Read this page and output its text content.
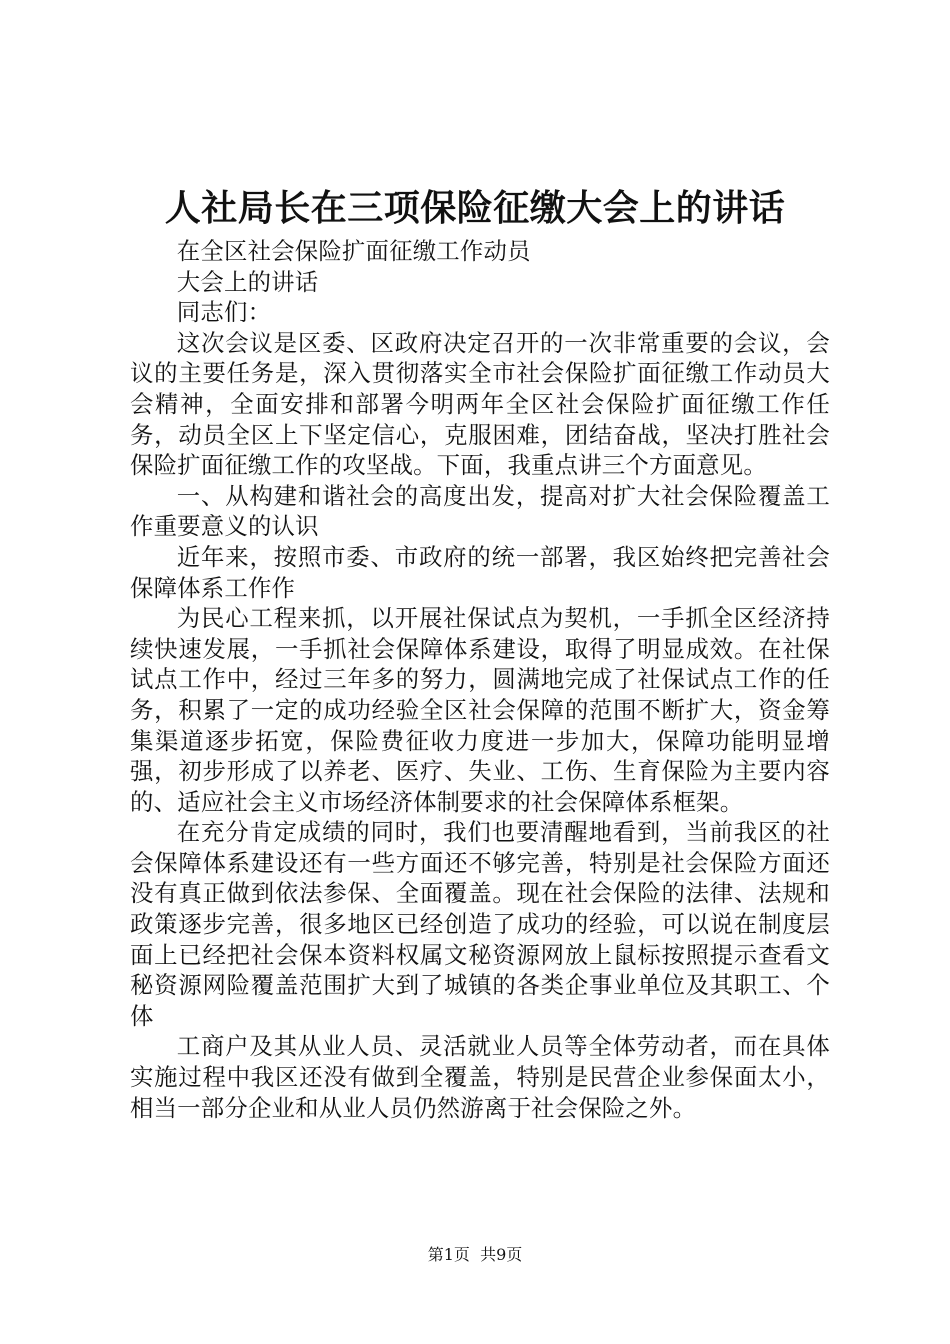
人社局长在三项保险征缴大会上的讲话

在全区社会保险扩面征缴工作动员

大会上的讲话

同志们：

这次会议是区委、区政府决定召开的一次非常重要的会议，会议的主要任务是，深入贯彻落实全市社会保险扩面征缴工作动员大会精神，全面安排和部署今明两年全区社会保险扩面征缴工作任务，动员全区上下坚定信心，克服困难，团结奋战，坚决打胜社会保险扩面征缴工作的攻坚战。下面，我重点讲三个方面意见。

一、从构建和谐社会的高度出发，提高对扩大社会保险覆盖工作重要意义的认识

近年来，按照市委、市政府的统一部署，我区始终把完善社会保障体系工作作

为民心工程来抓，以开展社保试点为契机，一手抓全区经济持续快速发展，一手抓社会保障体系建设，取得了明显成效。在社保试点工作中，经过三年多的努力，圆满地完成了社保试点工作的任务，积累了一定的成功经验全区社会保障的范围不断扩大，资金筹集渠道逐步拓宽，保险费征收力度进一步加大，保障功能明显增强，初步形成了以养老、医疗、失业、工伤、生育保险为主要内容的、适应社会主义市场经济体制要求的社会保障体系框架。

在充分肯定成绩的同时，我们也要清醒地看到，当前我区的社会保障体系建设还有一些方面还不够完善，特别是社会保险方面还没有真正做到依法参保、全面覆盖。现在社会保险的法律、法规和政策逐步完善，很多地区已经创造了成功的经验，可以说在制度层面上已经把社会保本资料权属文秘资源网放上鼠标按照提示查看文秘资源网险覆盖范围扩大到了城镇的各类企事业单位及其职工、个体

工商户及其从业人员、灵活就业人员等全体劳动者，而在具体实施过程中我区还没有做到全覆盖，特别是民营企业参保面太小，相当一部分企业和从业人员仍然游离于社会保险之外。

第1页  共9页
